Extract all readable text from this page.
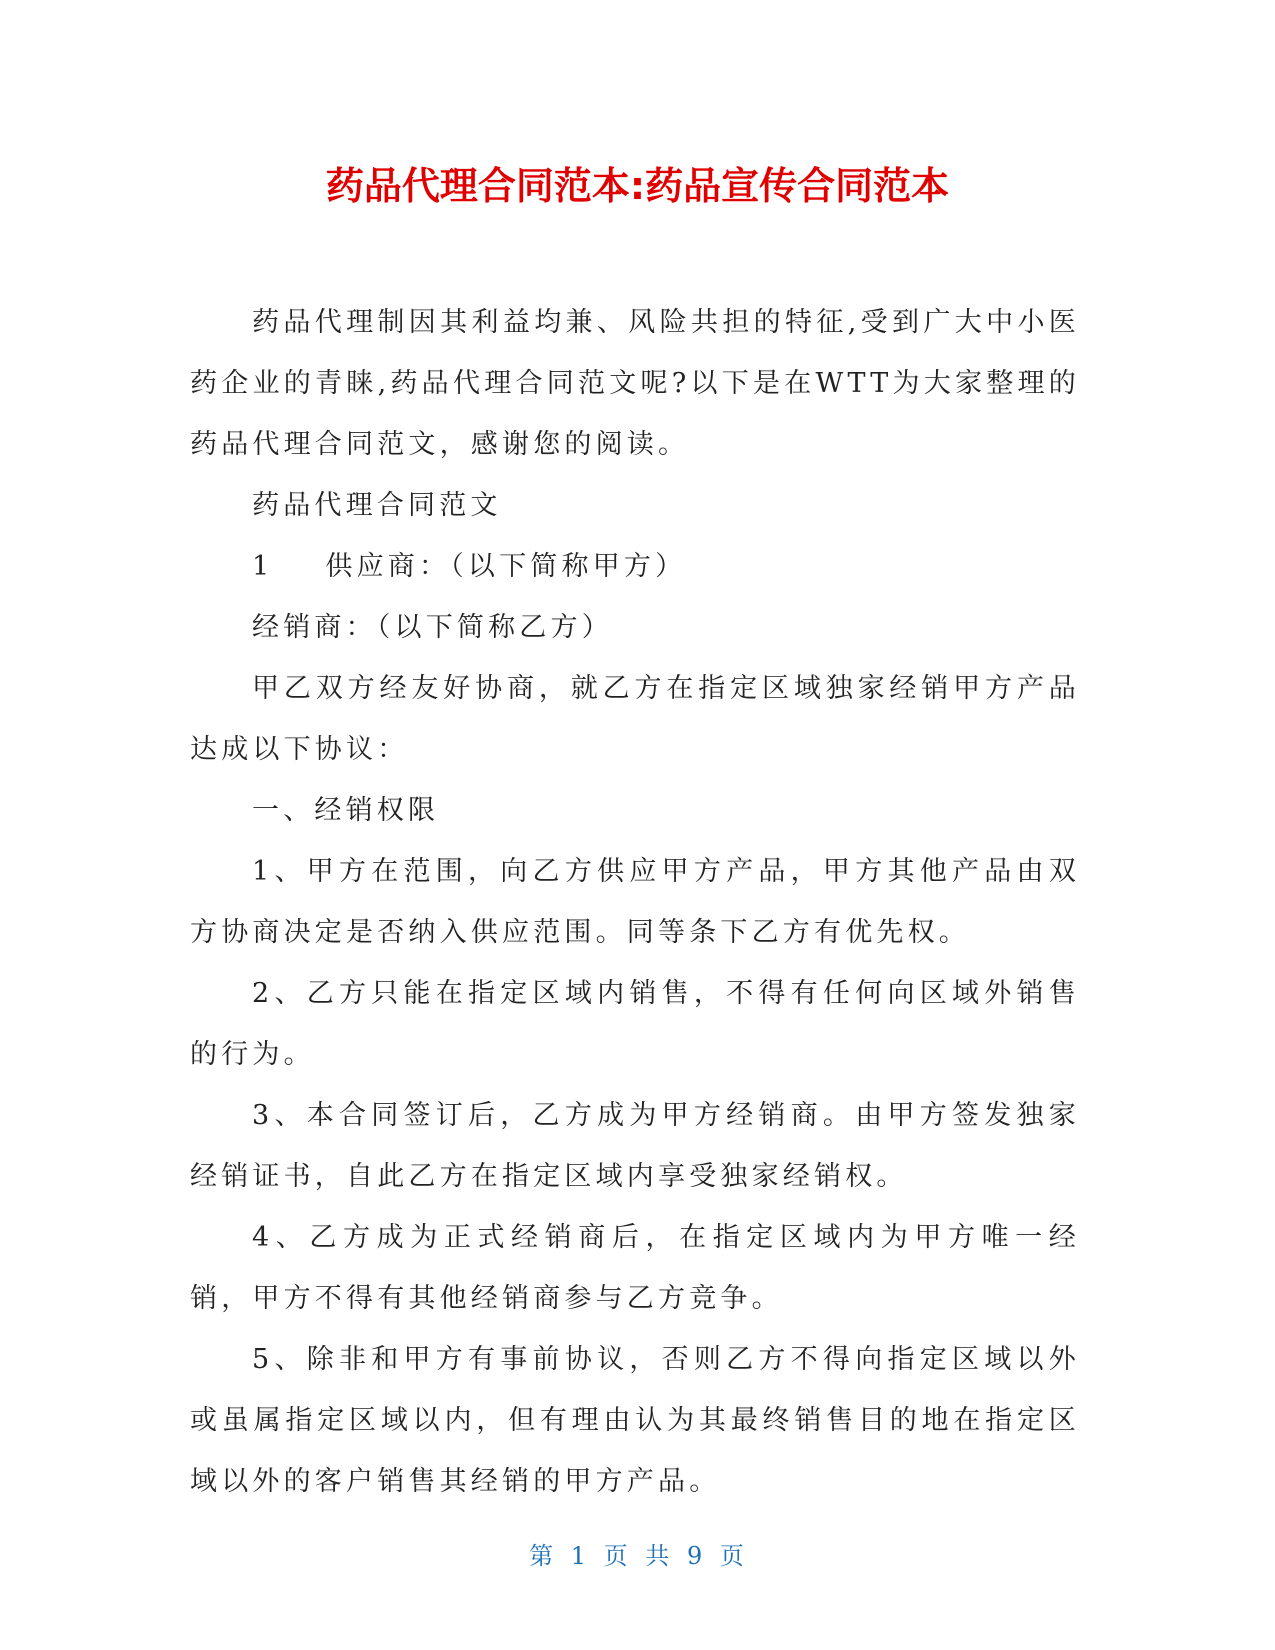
药品代理合同范本:药品宣传合同范本

药品代理制因其利益均兼、风险共担的特征,受到广大中小医药企业的青睐,药品代理合同范文呢?以下是在WTT为大家整理的药品代理合同范文，感谢您的阅读。

药品代理合同范文

1 供应商：（以下简称甲方）

经销商：（以下简称乙方）

甲乙双方经友好协商，就乙方在指定区域独家经销甲方产品达成以下协议：

一、经销权限

1、甲方在范围，向乙方供应甲方产品，甲方其他产品由双方协商决定是否纳入供应范围。同等条下乙方有优先权。

2、乙方只能在指定区域内销售，不得有任何向区域外销售的行为。

3、本合同签订后，乙方成为甲方经销商。由甲方签发独家经销证书，自此乙方在指定区域内享受独家经销权。

4、乙方成为正式经销商后，在指定区域内为甲方唯一经销，甲方不得有其他经销商参与乙方竞争。

5、除非和甲方有事前协议，否则乙方不得向指定区域以外或虽属指定区域以内，但有理由认为其最终销售目的地在指定区域以外的客户销售其经销的甲方产品。

第 1 页 共 9 页
